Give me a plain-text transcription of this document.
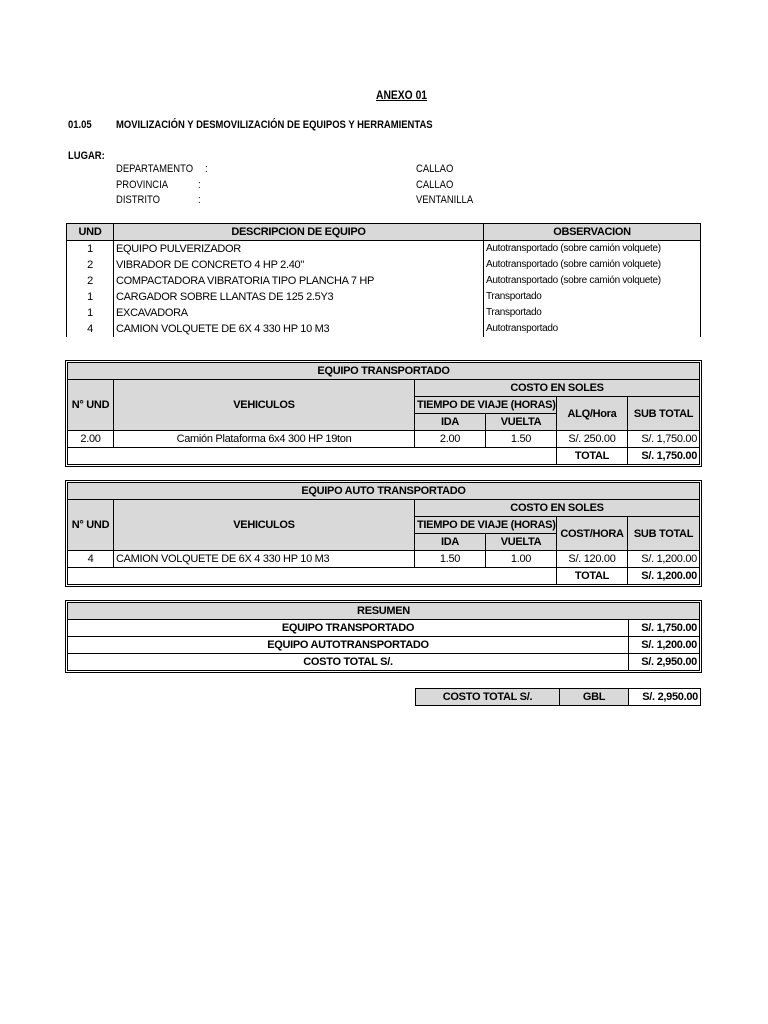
ANEXO 01
01.05 MOVILIZACIÓN Y DESMOVILIZACIÓN DE EQUIPOS Y HERRAMIENTAS
LUGAR:
DEPARTAMENTO :	CALLAO
PROVINCIA	:	CALLAO
DISTRITO	:	VENTANILLA
UND	DESCRIPCION DE EQUIPO	OBSERVACION
1	EQUIPO PULVERIZADOR	Autotransportado (sobre camión volquete)
2	VIBRADOR DE CONCRETO 4 HP 2.40"	Autotransportado (sobre camión volquete)
2	COMPACTADORA VIBRATORIA TIPO PLANCHA 7 HP	Autotransportado (sobre camión volquete)
1	CARGADOR SOBRE LLANTAS DE 125 2.5Y3	Transportado
1	EXCAVADORA	Transportado
4	CAMION VOLQUETE DE 6X 4 330 HP 10 M3	Autotransportado
EQUIPO TRANSPORTADO					
N° UND	VEHICULOS	COSTO EN SOLES			
		TIEMPO DE VIAJE (HORAS)		ALQ/Hora	SUB TOTAL
		IDA	VUELTA		
2.00	Camión Plataforma 6x4 300 HP 19ton	2.00	1.50	S/. 250.00	S/. 1,750.00
				TOTAL	S/. 1,750.00
EQUIPO AUTO TRANSPORTADO					
N° UND	VEHICULOS	COSTO EN SOLES			
		TIEMPO DE VIAJE (HORAS)		COST/HORA	SUB TOTAL
		IDA	VUELTA		
4	CAMION VOLQUETE DE 6X 4 330 HP 10 M3	1.50	1.00	S/. 120.00	S/. 1,200.00
				TOTAL	S/. 1,200.00
RESUMEN	
EQUIPO TRANSPORTADO	S/. 1,750.00
EQUIPO AUTOTRANSPORTADO	S/. 1,200.00
COSTO TOTAL S/.	S/. 2,950.00
COSTO TOTAL S/.	GBL	S/. 2,950.00
